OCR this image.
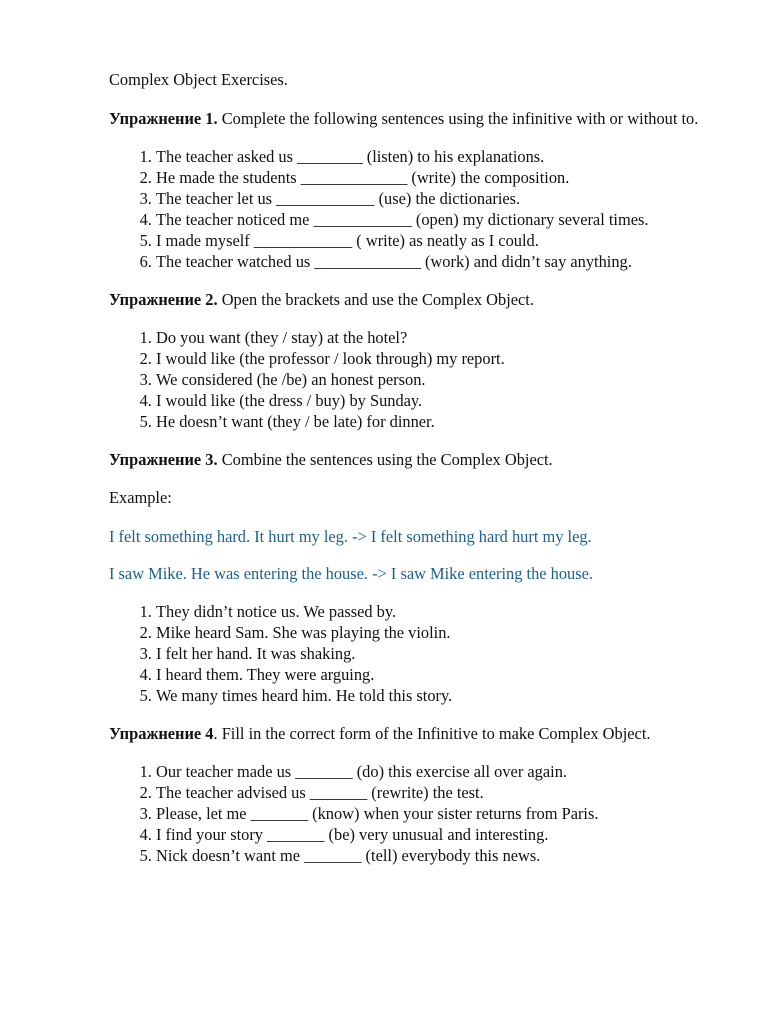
Complex Object Exercises.

Упражнение 1. Complete the following sentences using the infinitive with or without to.

1. The teacher asked us ________ (listen) to his explanations.
2. He made the students _____________ (write) the composition.
3. The teacher let us ____________ (use) the dictionaries.
4. The teacher noticed me ____________ (open) my dictionary several times.
5. I made myself ____________ ( write) as neatly as I could.
6. The teacher watched us _____________ (work) and didn’t say anything.

Упражнение 2. Open the brackets and use the Complex Object.

1. Do you want (they / stay) at the hotel?
2. I would like (the professor / look through) my report.
3. We considered (he /be) an honest person.
4. I would like (the dress / buy) by Sunday.
5. He doesn’t want (they / be late) for dinner.

Упражнение 3. Combine the sentences using the Complex Object.

Example:

I felt something hard. It hurt my leg. -> I felt something hard hurt my leg.

I saw Mike. He was entering the house. -> I saw Mike entering the house.

1. They didn’t notice us. We passed by.
2. Mike heard Sam. She was playing the violin.
3. I felt her hand. It was shaking.
4. I heard them. They were arguing.
5. We many times heard him. He told this story.

Упражнение 4. Fill in the correct form of the Infinitive to make Complex Object.

1. Our teacher made us _______ (do) this exercise all over again.
2. The teacher advised us _______ (rewrite) the test.
3. Please, let me _______ (know) when your sister returns from Paris.
4. I find your story _______ (be) very unusual and interesting.
5. Nick doesn’t want me _______ (tell) everybody this news.
